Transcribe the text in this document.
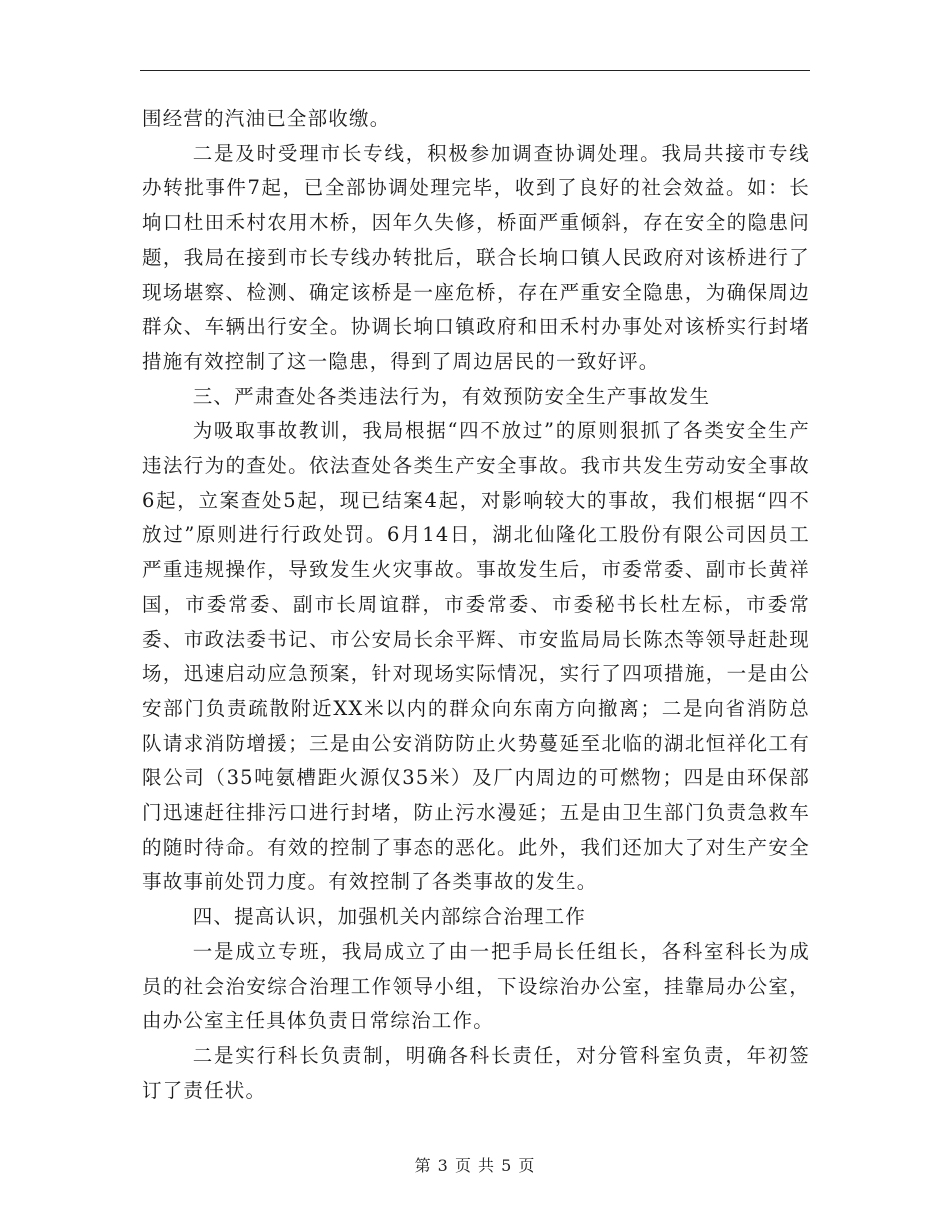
围经营的汽油已全部收缴。

二是及时受理市长专线，积极参加调查协调处理。我局共接市专线办转批事件7起，已全部协调处理完毕，收到了良好的社会效益。如：长垧口杜田禾村农用木桥，因年久失修，桥面严重倾斜，存在安全的隐患问题，我局在接到市长专线办转批后，联合长垧口镇人民政府对该桥进行了现场堪察、检测、确定该桥是一座危桥，存在严重安全隐患，为确保周边群众、车辆出行安全。协调长垧口镇政府和田禾村办事处对该桥实行封堵措施有效控制了这一隐患，得到了周边居民的一致好评。

三、严肃查处各类违法行为，有效预防安全生产事故发生

为吸取事故教训，我局根据“四不放过”的原则狠抓了各类安全生产违法行为的查处。依法查处各类生产安全事故。我市共发生劳动安全事故6起，立案查处5起，现已结案4起，对影响较大的事故，我们根据“四不放过”原则进行行政处罚。6月14日，湖北仙隆化工股份有限公司因员工严重违规操作，导致发生火灾事故。事故发生后，市委常委、副市长黄祥国，市委常委、副市长周谊群，市委常委、市委秘书长杜左标，市委常委、市政法委书记、市公安局长余平辉、市安监局局长陈杰等领导赶赴现场，迅速启动应急预案，针对现场实际情况，实行了四项措施，一是由公安部门负责疏散附近XX米以内的群众向东南方向撤离；二是向省消防总队请求消防增援；三是由公安消防防止火势蔓延至北临的湖北恒祥化工有限公司（35吨氨槽距火源仅35米）及厂内周边的可燃物；四是由环保部门迅速赶往排污口进行封堵，防止污水漫延；五是由卫生部门负责急救车的随时待命。有效的控制了事态的恶化。此外，我们还加大了对生产安全事故事前处罚力度。有效控制了各类事故的发生。

四、提高认识，加强机关内部综合治理工作

一是成立专班，我局成立了由一把手局长任组长，各科室科长为成员的社会治安综合治理工作领导小组，下设综治办公室，挂靠局办公室，由办公室主任具体负责日常综治工作。

二是实行科长负责制，明确各科长责任，对分管科室负责，年初签订了责任状。

第 3 页 共 5 页
